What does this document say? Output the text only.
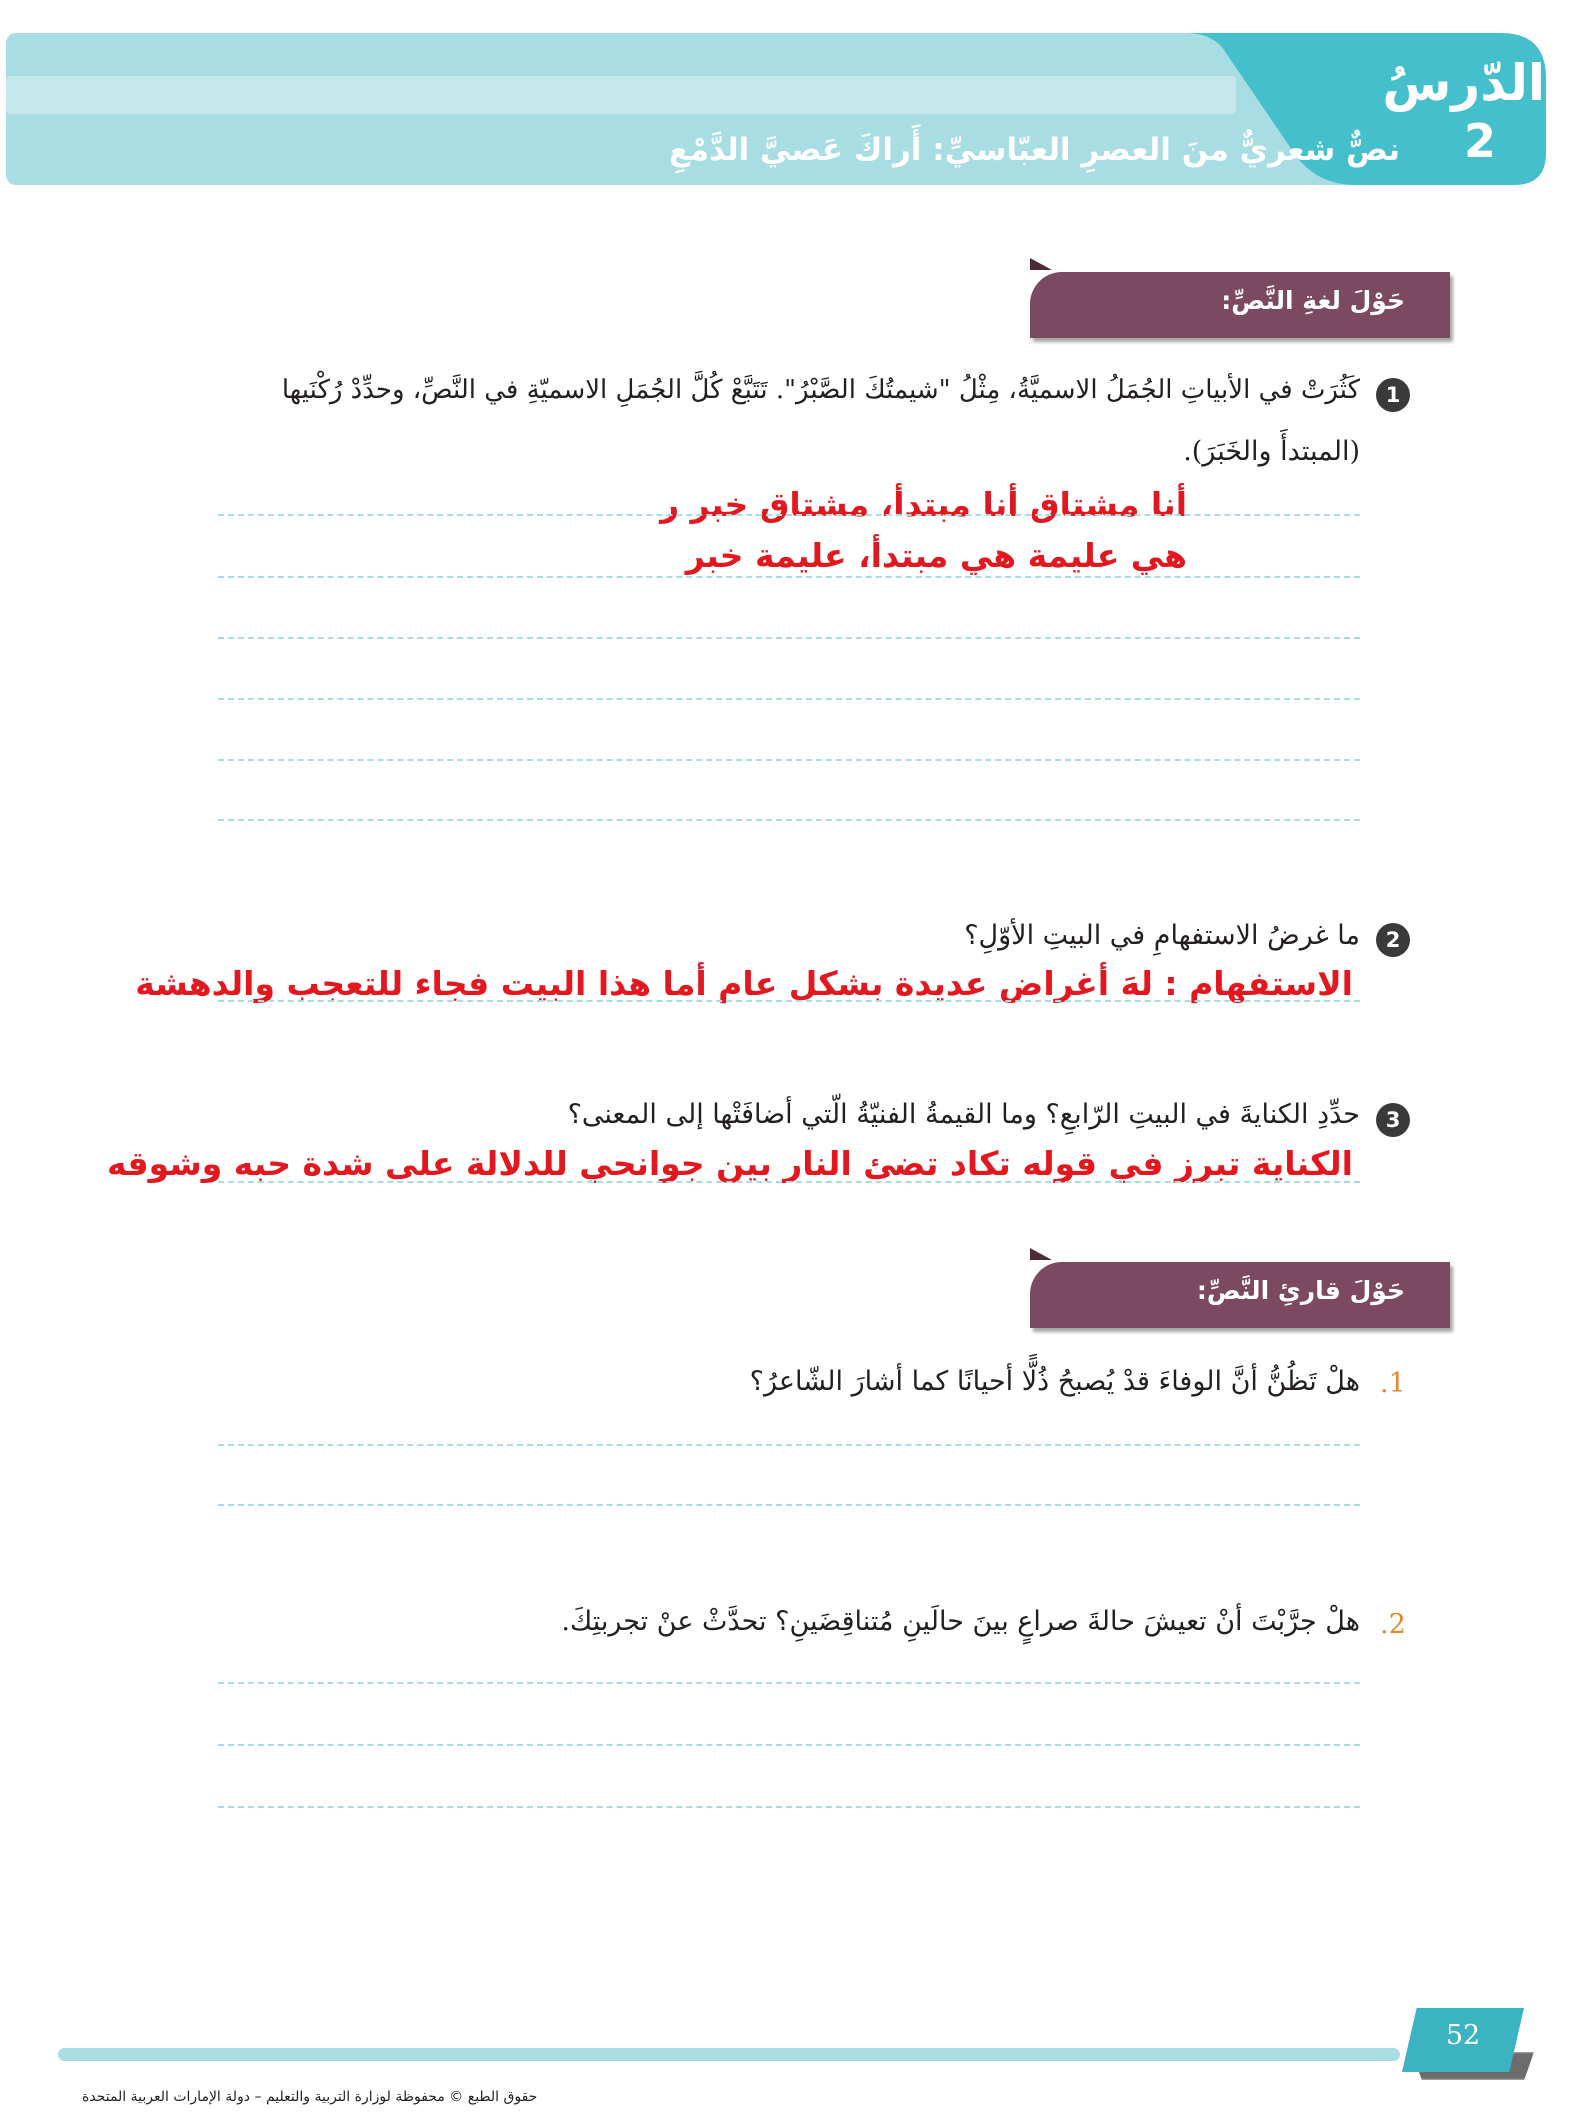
الدّرسُ
2
نصٌّ شعريٌّ منَ العصرِ العبّاسيِّ: أَراكَ عَصيَّ الدَّمْعِ
حَوْلَ لغةِ النَّصِّ:
1
كَثُرَتْ في الأبياتِ الجُمَلُ الاسميَّةُ، مِثْلُ "شيمتُكَ الصَّبْرُ". تَتَبَّعْ كُلَّ الجُمَلِ الاسميّةِ في النَّصِّ، وحدِّدْ رُكْنَيها
(المبتدأَ والخَبَرَ).
أنا مشتاق أنا مبتدأ، مشتاق خبر ر
هي عليمة هي مبتدأ، عليمة خبر
2
ما غرضُ الاستفهامِ في البيتِ الأوّلِ؟
الاستفهام : لهَ أغراض عديدة بشكل عام أما هذا البيت فجاء للتعجب والدهشة
3
حدِّدِ الكنايةَ في البيتِ الرّابعِ؟ وما القيمةُ الفنيّةُ الّتي أضافَتْها إلى المعنى؟
الكناية تبرز في قوله تكاد تضئ النار بين جوانحي للدلالة على شدة حبه وشوقه
حَوْلَ قارئِ النَّصِّ:
.1
هلْ تَظُنُّ أنَّ الوفاءَ قدْ يُصبحُ ذُلًّا أحيانًا كما أشارَ الشّاعرُ؟
.2
هلْ جرَّبْتَ أنْ تعيشَ حالةَ صراعٍ بينَ حالَينِ مُتناقِضَينِ؟ تحدَّثْ عنْ تجربتِكَ.
52
حقوق الطبع © محفوظة لوزارة التربية والتعليم – دولة الإمارات العربية المتحدة
